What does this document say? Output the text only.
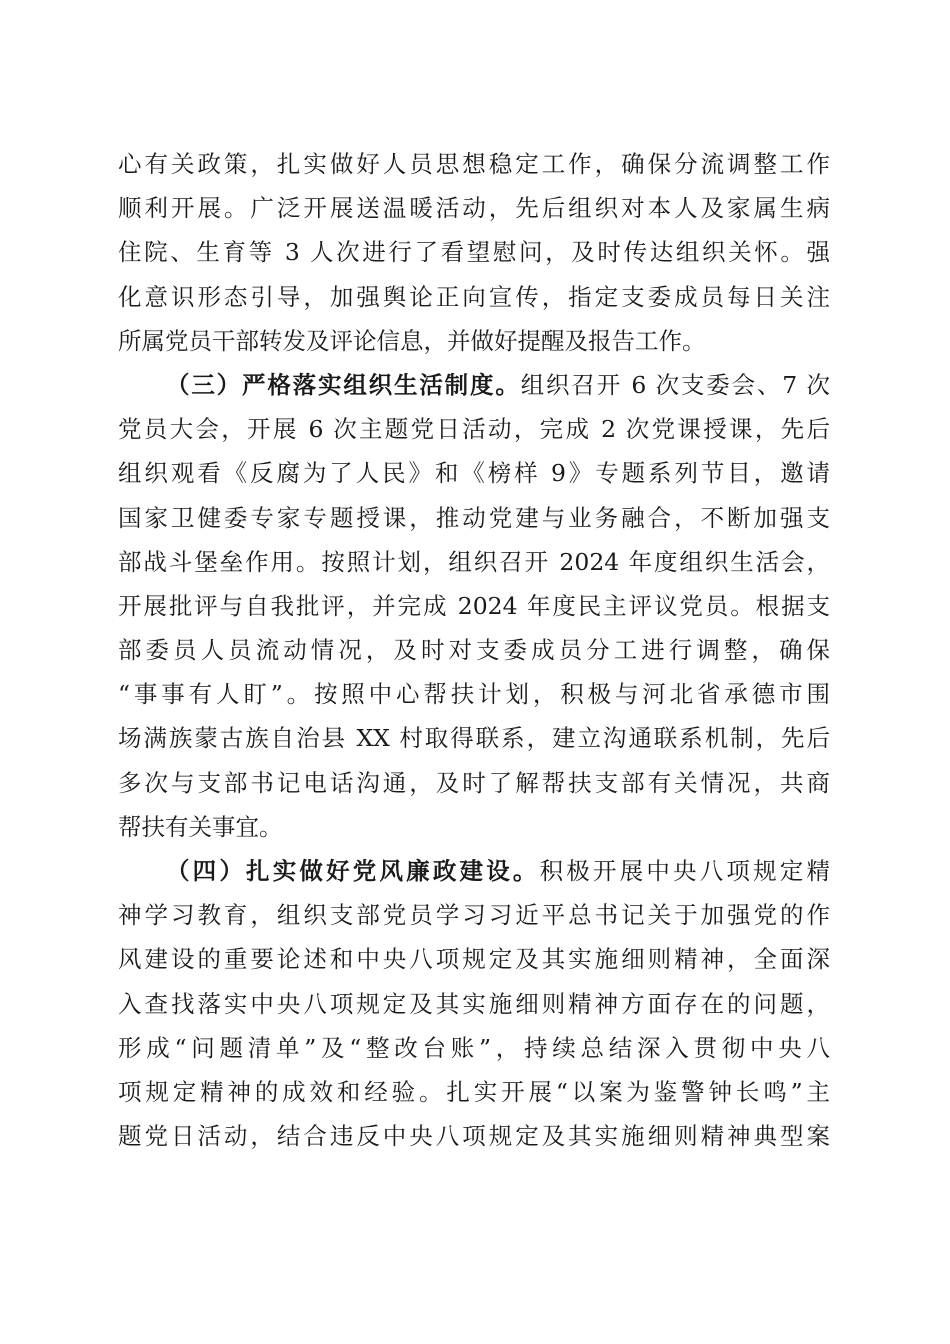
心有关政策，扎实做好人员思想稳定工作，确保分流调整工作
顺利开展。广泛开展送温暖活动，先后组织对本人及家属生病
住院、生育等 3 人次进行了看望慰问，及时传达组织关怀。强
化意识形态引导，加强舆论正向宣传，指定支委成员每日关注
所属党员干部转发及评论信息，并做好提醒及报告工作。
（三）严格落实组织生活制度。组织召开 6 次支委会、7 次
党员大会，开展 6 次主题党日活动，完成 2 次党课授课，先后
组织观看《反腐为了人民》和《榜样 9》专题系列节目，邀请
国家卫健委专家专题授课，推动党建与业务融合，不断加强支
部战斗堡垒作用。按照计划，组织召开 2024 年度组织生活会，
开展批评与自我批评，并完成 2024 年度民主评议党员。根据支
部委员人员流动情况，及时对支委成员分工进行调整，确保
“事事有人盯”。按照中心帮扶计划，积极与河北省承德市围
场满族蒙古族自治县 XX 村取得联系，建立沟通联系机制，先后
多次与支部书记电话沟通，及时了解帮扶支部有关情况，共商
帮扶有关事宜。
（四）扎实做好党风廉政建设。积极开展中央八项规定精
神学习教育，组织支部党员学习习近平总书记关于加强党的作
风建设的重要论述和中央八项规定及其实施细则精神，全面深
入查找落实中央八项规定及其实施细则精神方面存在的问题，
形成“问题清单”及“整改台账”，持续总结深入贯彻中央八
项规定精神的成效和经验。扎实开展“以案为鉴警钟长鸣”主
题党日活动，结合违反中央八项规定及其实施细则精神典型案
